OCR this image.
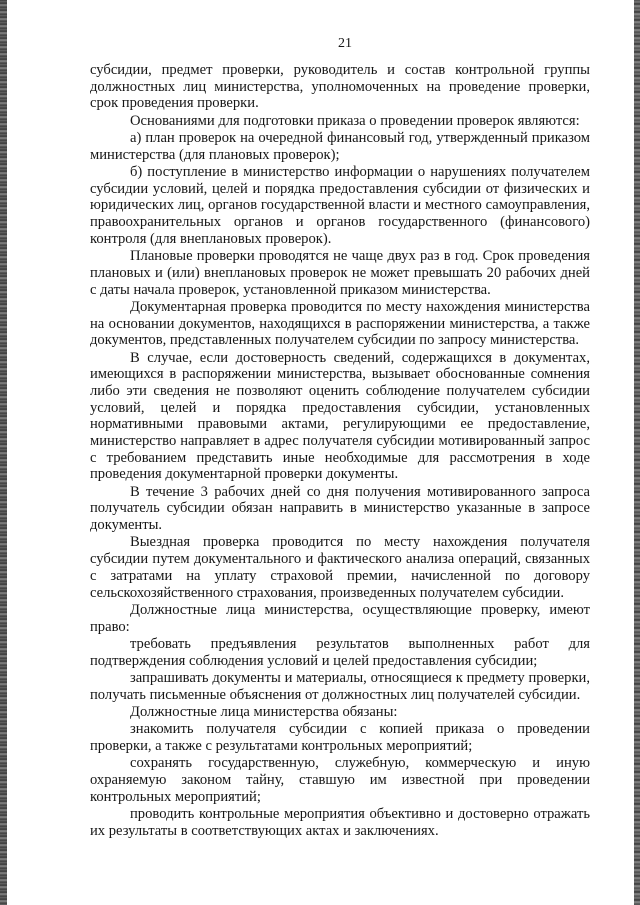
21

субсидии, предмет проверки, руководитель и состав контрольной группы должностных лиц министерства, уполномоченных на проведение проверки, срок проведения проверки.

Основаниями для подготовки приказа о проведении проверок являются:

а) план проверок на очередной финансовый год, утвержденный приказом министерства (для плановых проверок);

б) поступление в министерство информации о нарушениях получателем субсидии условий, целей и порядка предоставления субсидии от физических и юридических лиц, органов государственной власти и местного самоуправления, правоохранительных органов и органов государственного (финансового) контроля (для внеплановых проверок).

Плановые проверки проводятся не чаще двух раз в год. Срок проведения плановых и (или) внеплановых проверок не может превышать 20 рабочих дней с даты начала проверок, установленной приказом министерства.

Документарная проверка проводится по месту нахождения министерства на основании документов, находящихся в распоряжении министерства, а также документов, представленных получателем субсидии по запросу министерства.

В случае, если достоверность сведений, содержащихся в документах, имеющихся в распоряжении министерства, вызывает обоснованные сомнения либо эти сведения не позволяют оценить соблюдение получателем субсидии условий, целей и порядка предоставления субсидии, установленных нормативными правовыми актами, регулирующими ее предоставление, министерство направляет в адрес получателя субсидии мотивированный запрос с требованием представить иные необходимые для рассмотрения в ходе проведения документарной проверки документы.

В течение 3 рабочих дней со дня получения мотивированного запроса получатель субсидии обязан направить в министерство указанные в запросе документы.

Выездная проверка проводится по месту нахождения получателя субсидии путем документального и фактического анализа операций, связанных с затратами на уплату страховой премии, начисленной по договору сельскохозяйственного страхования, произведенных получателем субсидии.

Должностные лица министерства, осуществляющие проверку, имеют право:

требовать предъявления результатов выполненных работ для подтверждения соблюдения условий и целей предоставления субсидии;

запрашивать документы и материалы, относящиеся к предмету проверки, получать письменные объяснения от должностных лиц получателей субсидии.

Должностные лица министерства обязаны:

знакомить получателя субсидии с копией приказа о проведении проверки, а также с результатами контрольных мероприятий;

сохранять государственную, служебную, коммерческую и иную охраняемую законом тайну, ставшую им известной при проведении контрольных мероприятий;

проводить контрольные мероприятия объективно и достоверно отражать их результаты в соответствующих актах и заключениях.
